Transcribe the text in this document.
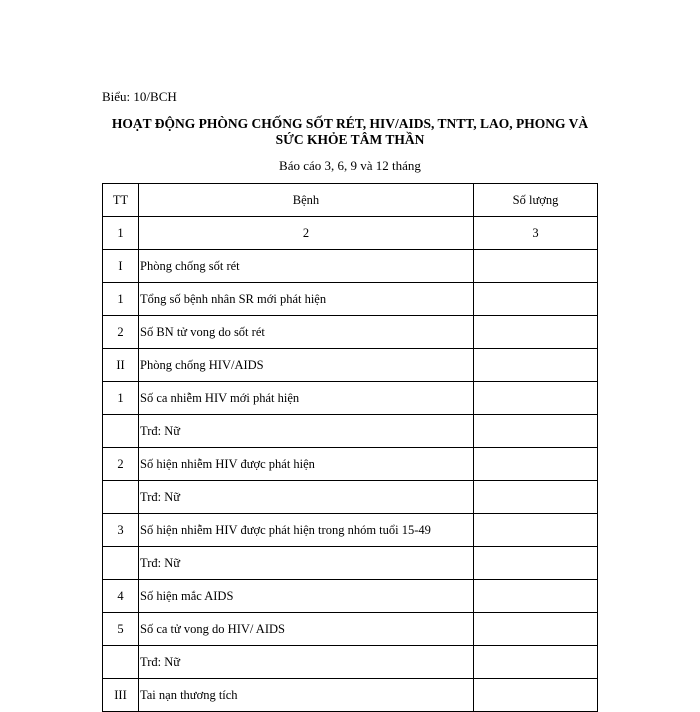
Biểu: 10/BCH
HOẠT ĐỘNG PHÒNG CHỐNG SỐT RÉT, HIV/AIDS, TNTT, LAO, PHONG VÀ
SỨC KHỎE TÂM THẦN
Báo cáo 3, 6, 9 và 12 tháng
TT	Bệnh	Số lượng
1	2	3
I	Phòng chống sốt rét	
1	Tổng số bệnh nhân SR mới phát hiện	
2	Số BN tử vong do sốt rét	
II	Phòng chống HIV/AIDS	
1	Số ca nhiễm HIV mới phát hiện	
	Trđ: Nữ	
2	Số hiện nhiễm HIV được phát hiện	
	Trđ: Nữ	
3	Số hiện nhiễm HIV được phát hiện trong nhóm tuổi 15-49	
	Trđ: Nữ	
4	Số hiện mắc AIDS	
5	Số ca tử vong do HIV/ AIDS	
	Trđ: Nữ	
III	Tai nạn thương tích	
